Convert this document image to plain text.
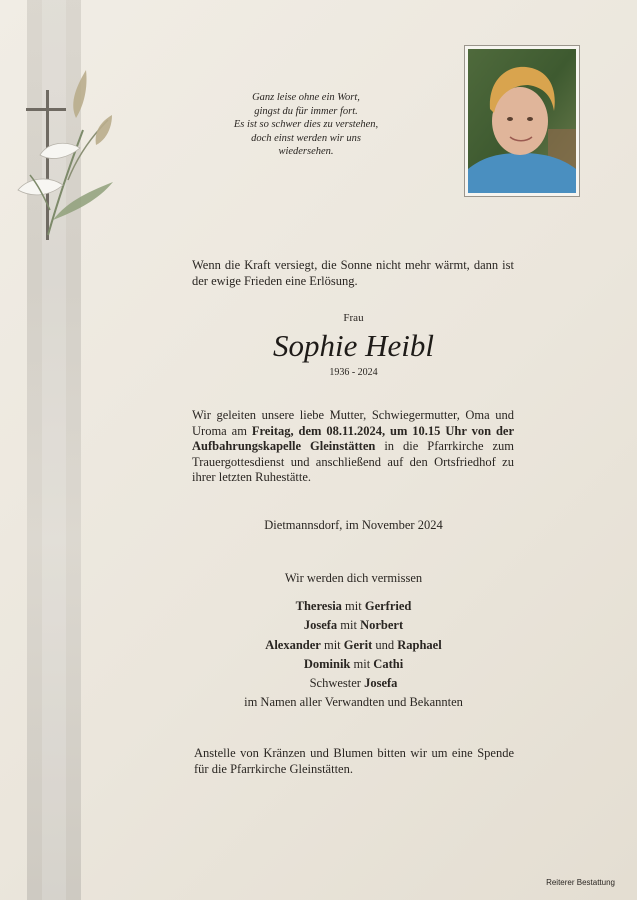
Ganz leise ohne ein Wort,
gingst du für immer fort.
Es ist so schwer dies zu verstehen,
doch einst werden wir uns
wiedersehen.
Wenn die Kraft versiegt, die Sonne nicht mehr wärmt, dann ist der ewige Frieden eine Erlösung.
Frau
Sophie Heibl
1936 - 2024
Wir geleiten unsere liebe Mutter, Schwiegermutter, Oma und Uroma am Freitag, dem 08.11.2024, um 10.15 Uhr von der Aufbahrungskapelle Gleinstätten in die Pfarrkirche zum Trauergottesdienst und anschließend auf den Ortsfriedhof zu ihrer letzten Ruhestätte.
Dietmannsdorf, im November 2024
Wir werden dich vermissen
Theresia mit Gerfried
Josefa mit Norbert
Alexander mit Gerit und Raphael
Dominik mit Cathi
Schwester Josefa
im Namen aller Verwandten und Bekannten
Anstelle von Kränzen und Blumen bitten wir um eine Spende für die Pfarrkirche Gleinstätten.
Reiterer Bestattung
